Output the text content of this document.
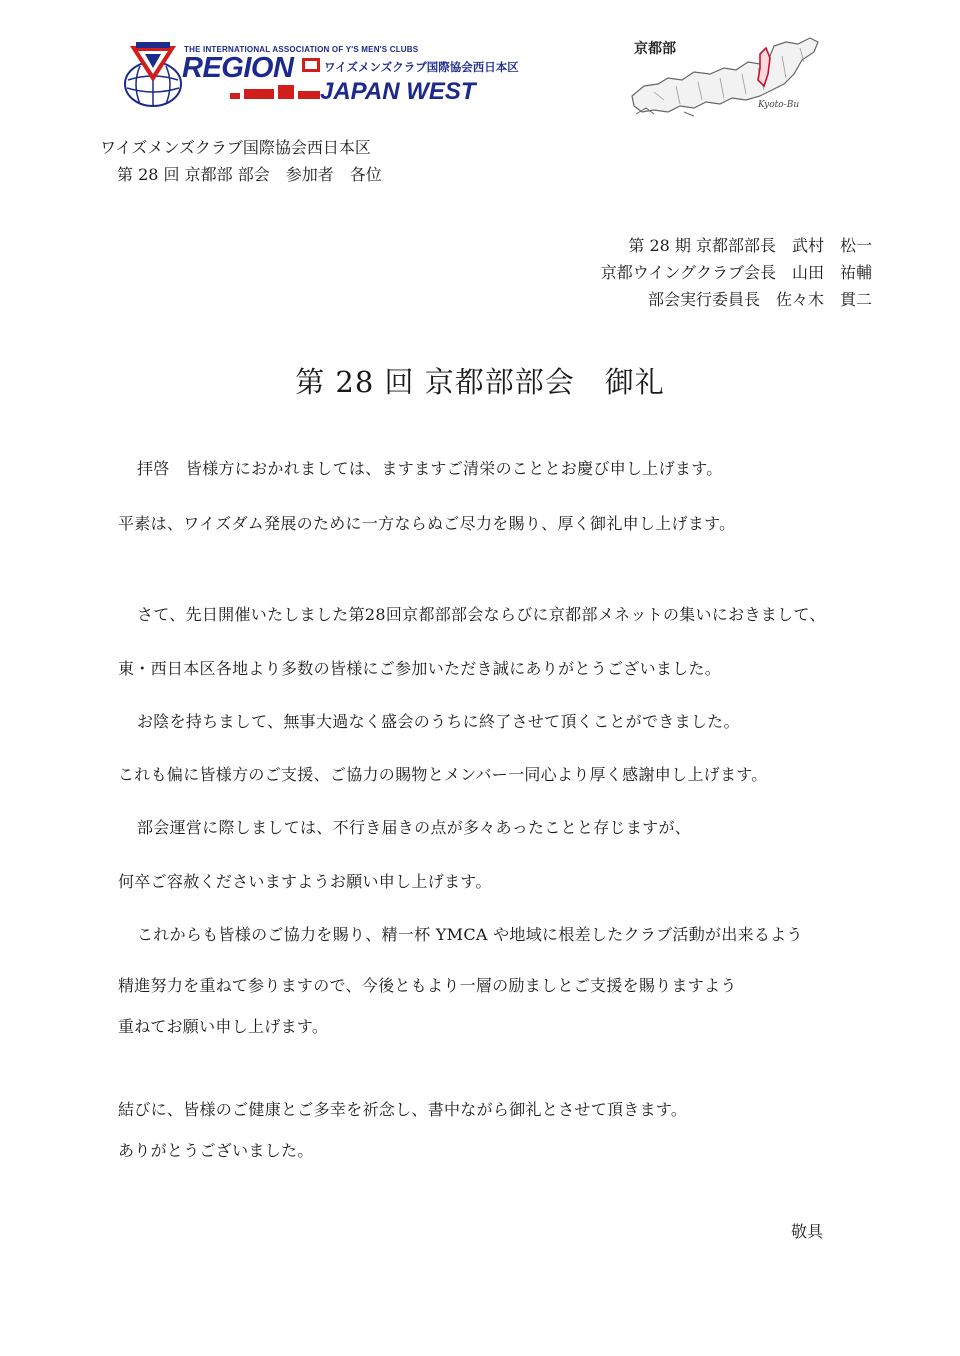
THE INTERNATIONAL ASSOCIATION OF Y'S MEN'S CLUBS
REGION	ワイズメンズクラブ国際協会西日本区
JAPAN WEST
京都部
Kyoto-Bu
ワイズメンズクラブ国際協会西日本区
第 28 回 京都部 部会　参加者　各位
第 28 期 京都部部長　武村　松一
京都ウイングクラブ会長　山田　祐輔
部会実行委員長　佐々木　貫二
第 28 回 京都部部会　御礼
拝啓　皆様方におかれましては、ますますご清栄のこととお慶び申し上げます。
平素は、ワイズダム発展のために一方ならぬご尽力を賜り、厚く御礼申し上げます。
さて、先日開催いたしました第28回京都部部会ならびに京都部メネットの集いにおきまして、
東・西日本区各地より多数の皆様にご参加いただき誠にありがとうございました。
お陰を持ちまして、無事大過なく盛会のうちに終了させて頂くことができました。
これも偏に皆様方のご支援、ご協力の賜物とメンバー一同心より厚く感謝申し上げます。
部会運営に際しましては、不行き届きの点が多々あったことと存じますが、
何卒ご容赦くださいますようお願い申し上げます。
これからも皆様のご協力を賜り、精一杯 YMCA や地域に根差したクラブ活動が出来るよう
精進努力を重ねて参りますので、今後ともより一層の励ましとご支援を賜りますよう
重ねてお願い申し上げます。
結びに、皆様のご健康とご多幸を祈念し、書中ながら御礼とさせて頂きます。
ありがとうございました。
敬具
